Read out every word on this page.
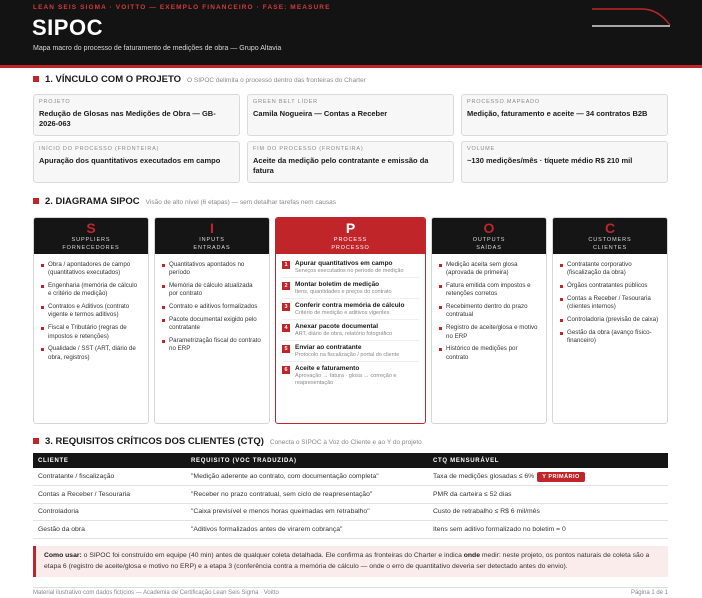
LEAN SEIS SIGMA · VOITTO — EXEMPLO FINANCEIRO · FASE: MEASURE
SIPOC
Mapa macro do processo de faturamento de medições de obra — Grupo Altavia
1. VÍNCULO COM O PROJETO O SIPOC delimita o processo dentro das fronteiras do Charter
PROJETO
Redução de Glosas nas Medições de Obra — GB-2026-063
GREEN BELT LÍDER
Camila Nogueira — Contas a Receber
PROCESSO MAPEADO
Medição, faturamento e aceite — 34 contratos B2B
INÍCIO DO PROCESSO (FRONTEIRA)
Apuração dos quantitativos executados em campo
FIM DO PROCESSO (FRONTEIRA)
Aceite da medição pelo contratante e emissão da fatura
VOLUME
~130 medições/mês · tíquete médio R$ 210 mil
2. DIAGRAMA SIPOC Visão de alto nível (6 etapas) — sem detalhar tarefas nem causas
S
SUPPLIERS
FORNECEDORES
Obra / apontadores de campo (quantitativos executados)
Engenharia (memória de cálculo e critério de medição)
Contratos e Aditivos (contrato vigente e termos aditivos)
Fiscal e Tributário (regras de impostos e retenções)
Qualidade / SST (ART, diário de obra, registros)
I
INPUTS
ENTRADAS
Quantitativos apontados no período
Memória de cálculo atualizada por contrato
Contrato e aditivos formalizados
Pacote documental exigido pelo contratante
Parametrização fiscal do contrato no ERP
P
PROCESS
PROCESSO
1	Apurar quantitativos em campo
Serviços executados no período de medição
2	Montar boletim de medição
Itens, quantidades e preços do contrato
3	Conferir contra memória de cálculo
Critério de medição e aditivos vigentes
4	Anexar pacote documental
ART, diário de obra, relatório fotográfico
5	Enviar ao contratante
Protocolo na fiscalização / portal do cliente
6	Aceite e faturamento
Aprovação → fatura · glosa → correção e reapresentação
O
OUTPUTS
SAÍDAS
Medição aceita sem glosa (aprovada de primeira)
Fatura emitida com impostos e retenções corretos
Recebimento dentro do prazo contratual
Registro de aceite/glosa e motivo no ERP
Histórico de medições por contrato
C
CUSTOMERS
CLIENTES
Contratante corporativo (fiscalização da obra)
Órgãos contratantes públicos
Contas a Receber / Tesouraria (clientes internos)
Controladoria (previsão de caixa)
Gestão da obra (avanço físico-financeiro)
3. REQUISITOS CRÍTICOS DOS CLIENTES (CTQ) Conecta o SIPOC à Voz do Cliente e ao Y do projeto
CLIENTE	REQUISITO (VOC TRADUZIDA)	CTQ MENSURÁVEL
Contratante / fiscalização	"Medição aderente ao contrato, com documentação completa"	Taxa de medições glosadas ≤ 6% Y PRIMÁRIO
Contas a Receber / Tesouraria	"Receber no prazo contratual, sem ciclo de reapresentação"	PMR da carteira ≤ 52 dias
Controladoria	"Caixa previsível e menos horas queimadas em retrabalho"	Custo de retrabalho ≤ R$ 6 mil/mês
Gestão da obra	"Aditivos formalizados antes de virarem cobrança"	Itens sem aditivo formalizado no boletim = 0
Como usar: o SIPOC foi construído em equipe (40 min) antes de qualquer coleta detalhada. Ele confirma as fronteiras do Charter e indica onde medir: neste projeto, os pontos naturais de coleta são a etapa 6 (registro de aceite/glosa e motivo no ERP) e a etapa 3 (conferência contra a memória de cálculo — onde o erro de quantitativo deveria ser detectado antes do envio).
Material ilustrativo com dados fictícios — Academia de Certificação Lean Seis Sigma · Voitto	Página 1 de 1
